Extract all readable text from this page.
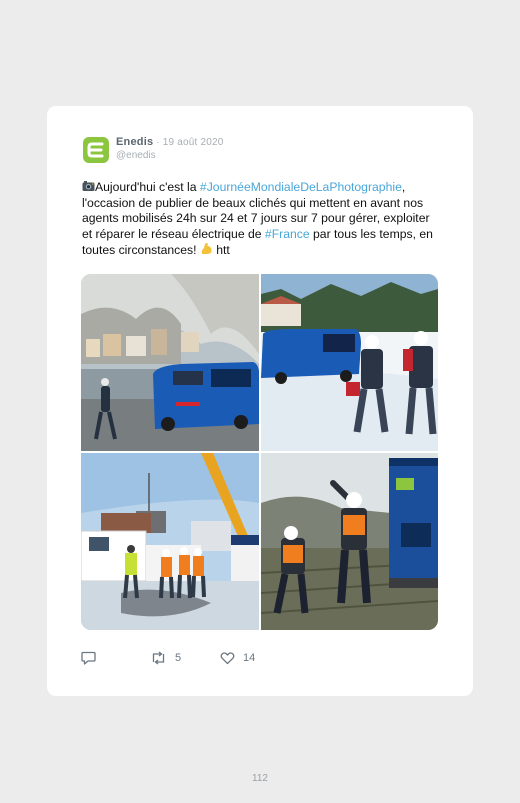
Enedis · 19 août 2020
@enedis
Aujourd'hui c'est la #JournéeMondialeDeLaPhotographie, l'occasion de publier de beaux clichés qui mettent en avant nos agents mobilisés 24h sur 24 et 7 jours sur 7 pour gérer, exploiter et réparer le réseau électrique de #France par tous les temps, en toutes circonstances!  htt
5	14
112
